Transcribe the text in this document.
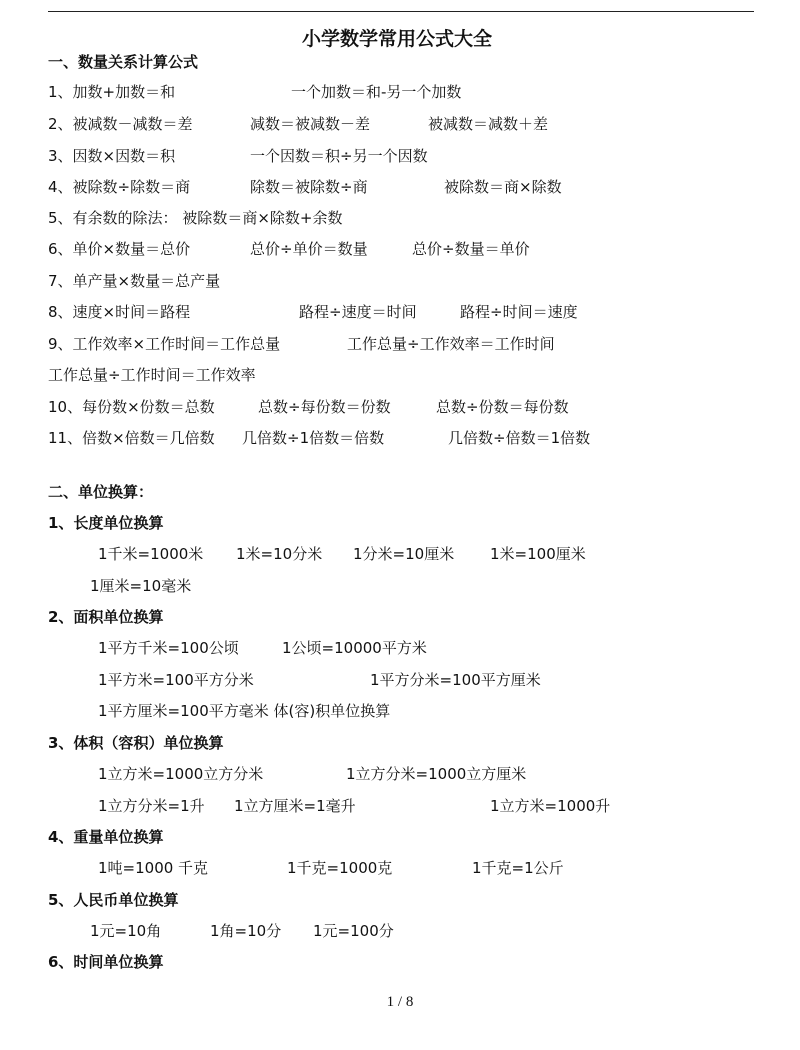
小学数学常用公式大全
一、数量关系计算公式
1、加数+加数＝和	一个加数＝和-另一个加数
2、被减数－减数＝差	减数＝被减数－差	被减数＝减数＋差
3、因数×因数＝积	一个因数＝积÷另一个因数
4、被除数÷除数＝商	除数＝被除数÷商	被除数＝商×除数
5、有余数的除法： 被除数＝商×除数+余数
6、单价×数量＝总价	总价÷单价＝数量	总价÷数量＝单价
7、单产量×数量＝总产量
8、速度×时间＝路程	路程÷速度＝时间	路程÷时间＝速度
9、工作效率×工作时间＝工作总量	工作总量÷工作效率＝工作时间
工作总量÷工作时间＝工作效率
10、每份数×份数＝总数	总数÷每份数＝份数	总数÷份数＝每份数
11、倍数×倍数＝几倍数 几倍数÷1倍数＝倍数	几倍数÷倍数＝1倍数
二、单位换算：
1、长度单位换算
1千米=1000米 1米=10分米 1分米=10厘米 1米=100厘米
1厘米=10毫米
2、面积单位换算
1平方千米=100公顷	1公顷=10000平方米
1平方米=100平方分米	1平方分米=100平方厘米
1平方厘米=100平方毫米 体(容)积单位换算
3、体积（容积）单位换算
1立方米=1000立方分米	1立方分米=1000立方厘米
1立方分米=1升 1立方厘米=1毫升	1立方米=1000升
4、重量单位换算
1吨=1000 千克	1千克=1000克	1千克=1公斤
5、人民币单位换算
1元=10角	1角=10分 1元=100分
6、时间单位换算
1 / 8
